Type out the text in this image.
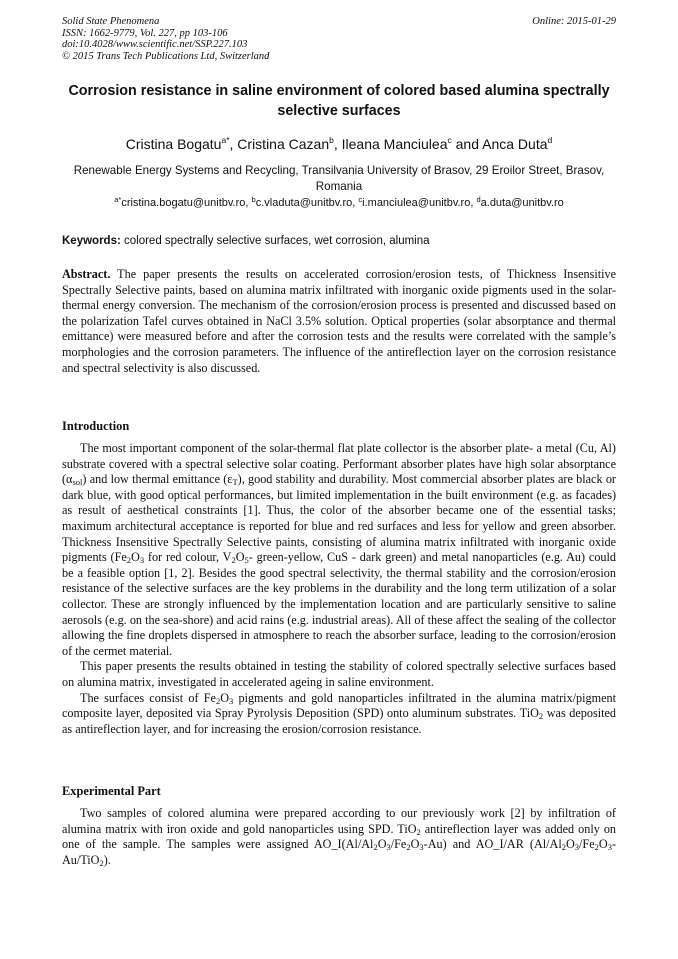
Solid State Phenomena
ISSN: 1662-9779, Vol. 227, pp 103-106
doi:10.4028/www.scientific.net/SSP.227.103
© 2015 Trans Tech Publications Ltd, Switzerland
Online: 2015-01-29
Corrosion resistance in saline environment of colored based alumina spectrally selective surfaces
Cristina Bogatu$^{a*}$, Cristina Cazan$^b$, Ileana Manciulea$^c$ and Anca Duta$^d$
Renewable Energy Systems and Recycling, Transilvania University of Brasov, 29 Eroilor Street, Brasov, Romania
$^{a*}$cristina.bogatu@unitbv.ro, $^b$c.vladuta@unitbv.ro, $^c$i.manciulea@unitbv.ro, $^d$a.duta@unitbv.ro
Keywords: colored spectrally selective surfaces, wet corrosion, alumina

Abstract. The paper presents the results on accelerated corrosion/erosion tests, of Thickness Insensitive Spectrally Selective paints, based on alumina matrix infiltrated with inorganic oxide pigments used in the solar-thermal energy conversion. The mechanism of the corrosion/erosion process is presented and discussed based on the polarization Tafel curves obtained in NaCl 3.5% solution. Optical properties (solar absorptance and thermal emittance) were measured before and after the corrosion tests and the results were correlated with the sample’s morphologies and the corrosion parameters. The influence of the antireflection layer on the corrosion resistance and spectral selectivity is also discussed.

Introduction

The most important component of the solar-thermal flat plate collector is the absorber plate- a metal (Cu, Al) substrate covered with a spectral selective solar coating. Performant absorber plates have high solar absorptance $(\alpha_{sol})$ and low thermal emittance $(\varepsilon_T)$, good stability and durability. Most commercial absorber plates are black or dark blue, with good optical performances, but limited implementation in the built environment (e.g. as facades) as result of aesthetical constraints [1]. Thus, the color of the absorber became one of the essential tasks; maximum architectural acceptance is reported for blue and red surfaces and less for yellow and green absorber. Thickness Insensitive Spectrally Selective paints, consisting of alumina matrix infiltrated with inorganic oxide pigments ($Fe_2O_3$ for red colour, $V_2O_5-$ green-yellow, CuS - dark green) and metal nanoparticles (e.g. Au) could be a feasible option [1, 2]. Besides the good spectral selectivity, the thermal stability and the corrosion/erosion resistance of the selective surfaces are the key problems in the durability and the long term utilization of a solar collector. These are strongly influenced by the implementation location and are particularly sensitive to saline aerosols (e.g. on the sea-shore) and acid rains (e.g. industrial areas). All of these affect the sealing of the collector allowing the fine droplets dispersed in atmosphere to reach the absorber surface, leading to the corrosion/erosion of the cermet material.

This paper presents the results obtained in testing the stability of colored spectrally selective surfaces based on alumina matrix, investigated in accelerated ageing in saline environment.

The surfaces consist of $Fe_2O_3$ pigments and gold nanoparticles infiltrated in the alumina matrix/pigment composite layer, deposited via Spray Pyrolysis Deposition (SPD) onto aluminum substrates. TiO$_2$ was deposited as antireflection layer, and for increasing the erosion/corrosion resistance.

Experimental Part

Two samples of colored alumina were prepared according to our previously work [2] by infiltration of alumina matrix with iron oxide and gold nanoparticles using SPD. TiO$_2$ antireflection layer was added only on one of the sample. The samples were assigned $AO\_I(Al/Al_2O_3/Fe_2O_3-Au)$ and AO_I/AR $(Al/Al_2O_3/Fe_2O_3-Au/TiO_2)$.
